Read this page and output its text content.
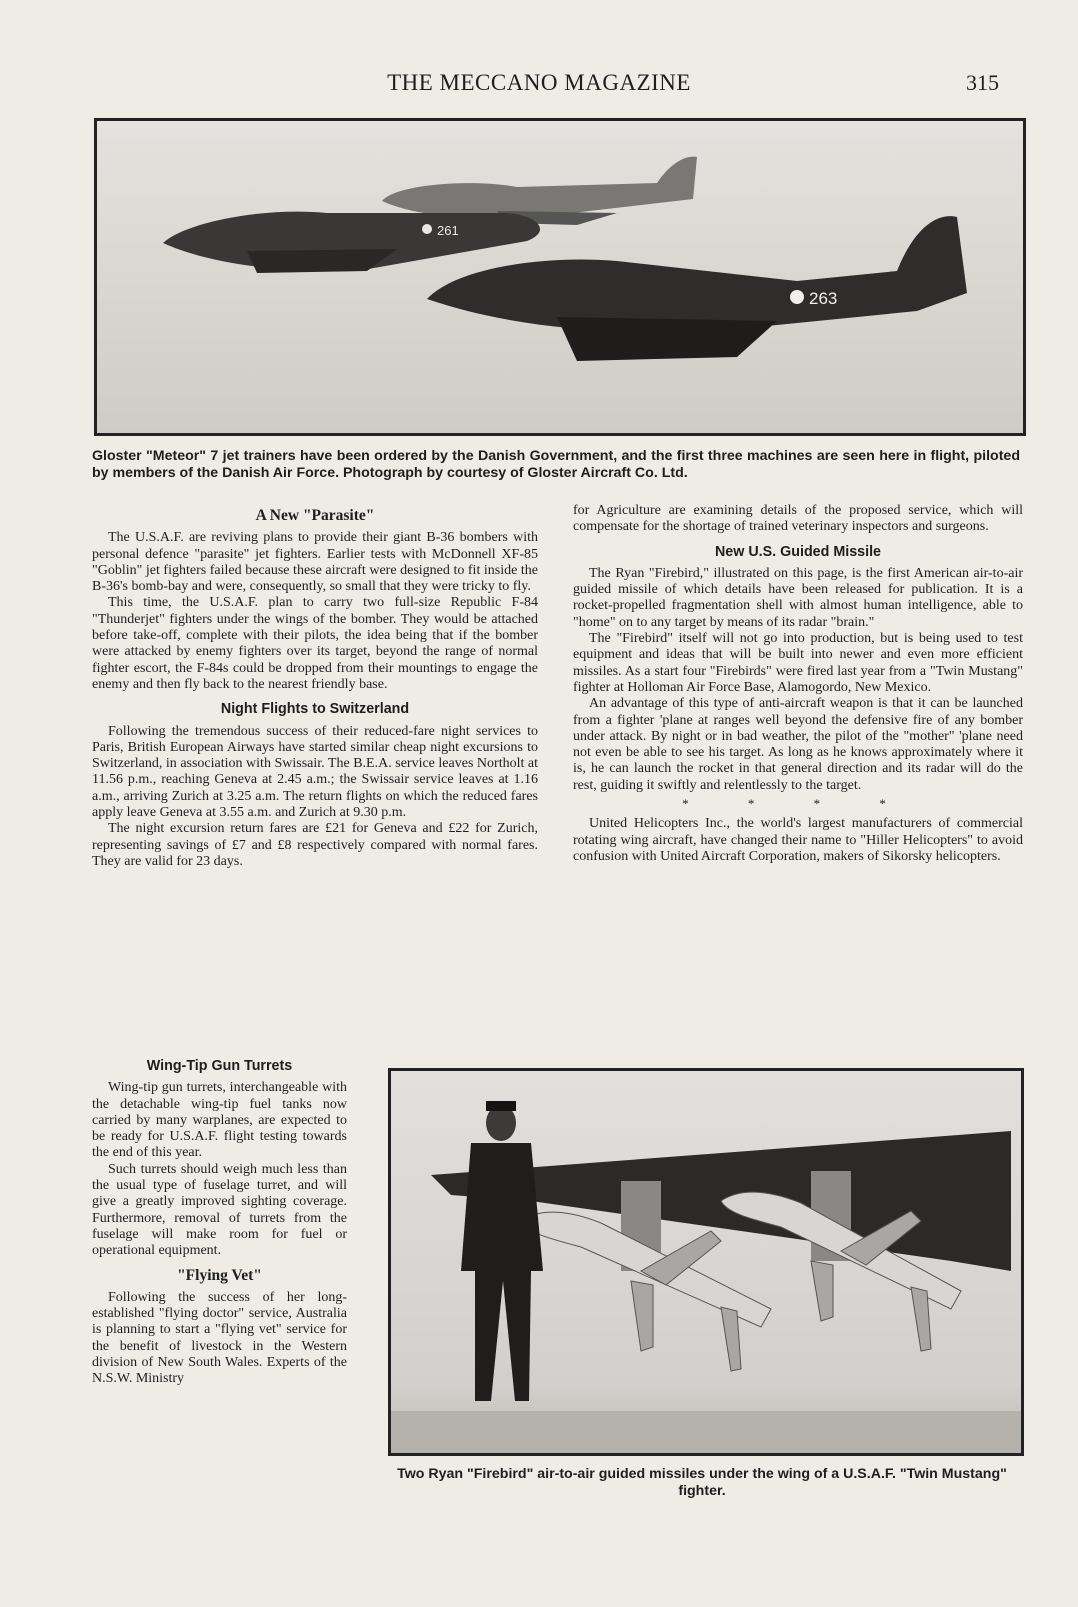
THE MECCANO MAGAZINE	315
261
263
Gloster "Meteor" 7 jet trainers have been ordered by the Danish Government, and the first three machines are seen here in flight, piloted by members of the Danish Air Force. Photograph by courtesy of Gloster Aircraft Co. Ltd.
A New "Parasite"

The U.S.A.F. are reviving plans to provide their giant B-36 bombers with personal defence "parasite" jet fighters. Earlier tests with McDonnell XF-85 "Goblin" jet fighters failed because these aircraft were designed to fit inside the B-36's bomb-bay and were, consequently, so small that they were tricky to fly.

This time, the U.S.A.F. plan to carry two full-size Republic F-84 "Thunderjet" fighters under the wings of the bomber. They would be attached before take-off, complete with their pilots, the idea being that if the bomber were attacked by enemy fighters over its target, beyond the range of normal fighter escort, the F-84s could be dropped from their mountings to engage the enemy and then fly back to the nearest friendly base.

Night Flights to Switzerland

Following the tremendous success of their reduced-fare night services to Paris, British European Airways have started similar cheap night excursions to Switzerland, in association with Swissair. The B.E.A. service leaves Northolt at 11.56 p.m., reaching Geneva at 2.45 a.m.; the Swissair service leaves at 1.16 a.m., arriving Zurich at 3.25 a.m. The return flights on which the reduced fares apply leave Geneva at 3.55 a.m. and Zurich at 9.30 p.m.

The night excursion return fares are £21 for Geneva and £22 for Zurich, representing savings of £7 and £8 respectively compared with normal fares. They are valid for 23 days.

Wing-Tip Gun Turrets

Wing-tip gun turrets, interchangeable with the detachable wing-tip fuel tanks now carried by many warplanes, are expected to be ready for U.S.A.F. flight testing towards the end of this year.

Such turrets should weigh much less than the usual type of fuselage turret, and will give a greatly improved sighting coverage. Furthermore, removal of turrets from the fuselage will make room for fuel or operational equipment.

"Flying Vet"

Following the success of her long-established "flying doctor" service, Australia is planning to start a "flying vet" service for the benefit of livestock in the Western division of New South Wales. Experts of the N.S.W. Ministry

for Agriculture are examining details of the proposed service, which will compensate for the shortage of trained veterinary inspectors and surgeons.

New U.S. Guided Missile

The Ryan "Firebird," illustrated on this page, is the first American air-to-air guided missile of which details have been released for publication. It is a rocket-propelled fragmentation shell with almost human intelligence, able to "home" on to any target by means of its radar "brain."

The "Firebird" itself will not go into production, but is being used to test equipment and ideas that will be built into newer and even more efficient missiles. As a start four "Firebirds" were fired last year from a "Twin Mustang" fighter at Holloman Air Force Base, Alamogordo, New Mexico.

An advantage of this type of anti-aircraft weapon is that it can be launched from a fighter 'plane at ranges well beyond the defensive fire of any bomber under attack. By night or in bad weather, the pilot of the "mother" 'plane need not even be able to see his target. As long as he knows approximately where it is, he can launch the rocket in that general direction and its radar will do the rest, guiding it swiftly and relentlessly to the target.

* * * *

United Helicopters Inc., the world's largest manufacturers of commercial rotating wing aircraft, have changed their name to "Hiller Helicopters" to avoid confusion with United Aircraft Corporation, makers of Sikorsky helicopters.

Two Ryan "Firebird" air-to-air guided missiles under the wing of a U.S.A.F. "Twin Mustang" fighter.
